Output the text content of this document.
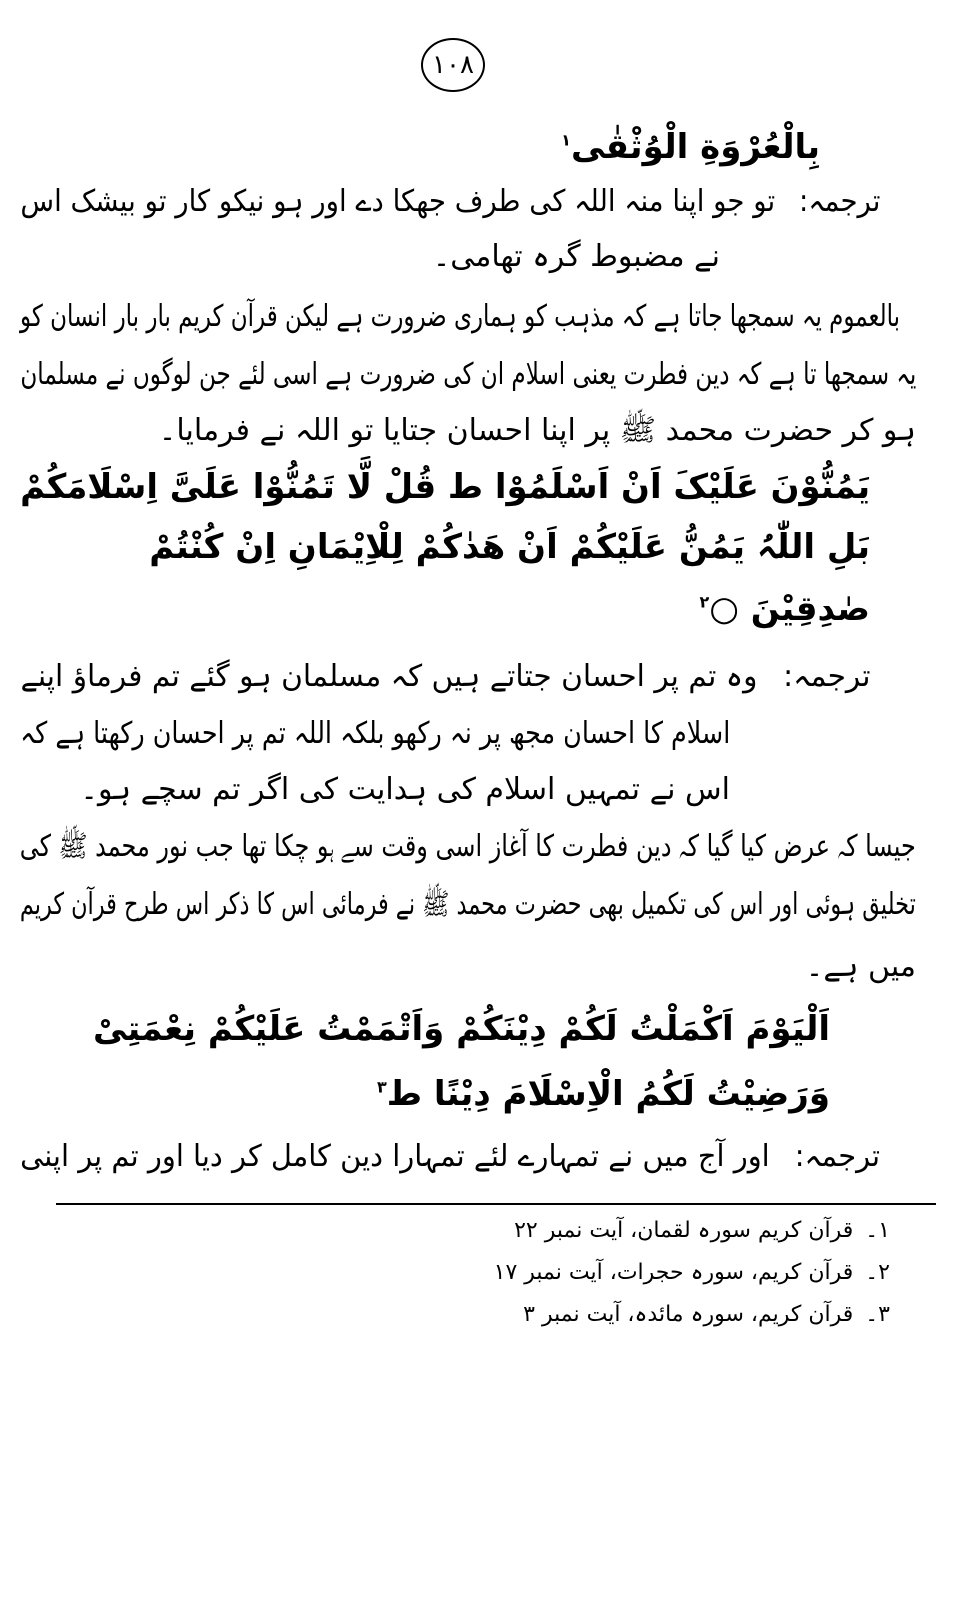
۱۰۸
بِالْعُرْوَةِ الْوُثْقٰی$^۱$
ترجمہ:تو جو اپنا منہ اللہ کی طرف جھکا دے اور ہو نیکو کار تو بیشک اس
نے مضبوط گرہ تھامی۔
بالعموم یہ سمجھا جاتا ہے کہ مذہب کو ہماری ضرورت ہے لیکن قرآن کریم بار بار انسان کو
یہ سمجھا تا ہے کہ دین فطرت یعنی اسلام ان کی ضرورت ہے اسی لئے جن لوگوں نے مسلمان
ہو کر حضرت محمد ﷺ پر اپنا احسان جتایا تو اللہ نے فرمایا۔
یَمُنُّوْنَ عَلَیْکَ اَنْ اَسْلَمُوْا ط قُلْ لَّا تَمُنُّوْا عَلَیَّ اِسْلَامَکُمْ
بَلِ اللّٰہُ یَمُنُّ عَلَیْکُمْ اَنْ ھَدٰکُمْ لِلْاِیْمَانِ اِنْ کُنْتُمْ
صٰدِقِیْنَ ○$^۲$
ترجمہ:وہ تم پر احسان جتاتے ہیں کہ مسلمان ہو گئے تم فرماؤ اپنے
اسلام کا احسان مجھ پر نہ رکھو بلکہ اللہ تم پر احسان رکھتا ہے کہ
اس نے تمہیں اسلام کی ہدایت کی اگر تم سچے ہو۔
جیسا کہ عرض کیا گیا کہ دین فطرت کا آغاز اسی وقت سے ہو چکا تھا جب نور محمد ﷺ کی
تخلیق ہوئی اور اس کی تکمیل بھی حضرت محمد ﷺ نے فرمائی اس کا ذکر اس طرح قرآن کریم
میں ہے۔
اَلْیَوْمَ اَکْمَلْتُ لَکُمْ دِیْنَکُمْ وَاَتْمَمْتُ عَلَیْکُمْ نِعْمَتِیْ
وَرَضِیْتُ لَکُمُ الْاِسْلَامَ دِیْنًا ط$^۳$
ترجمہ:اور آج میں نے تمہارے لئے تمہارا دین کامل کر دیا اور تم پر اپنی
۱۔قرآن کریم سورہ لقمان، آیت نمبر ۲۲
۲۔قرآن کریم، سورہ حجرات، آیت نمبر ۱۷
۳۔قرآن کریم، سورہ مائدہ، آیت نمبر ۳
